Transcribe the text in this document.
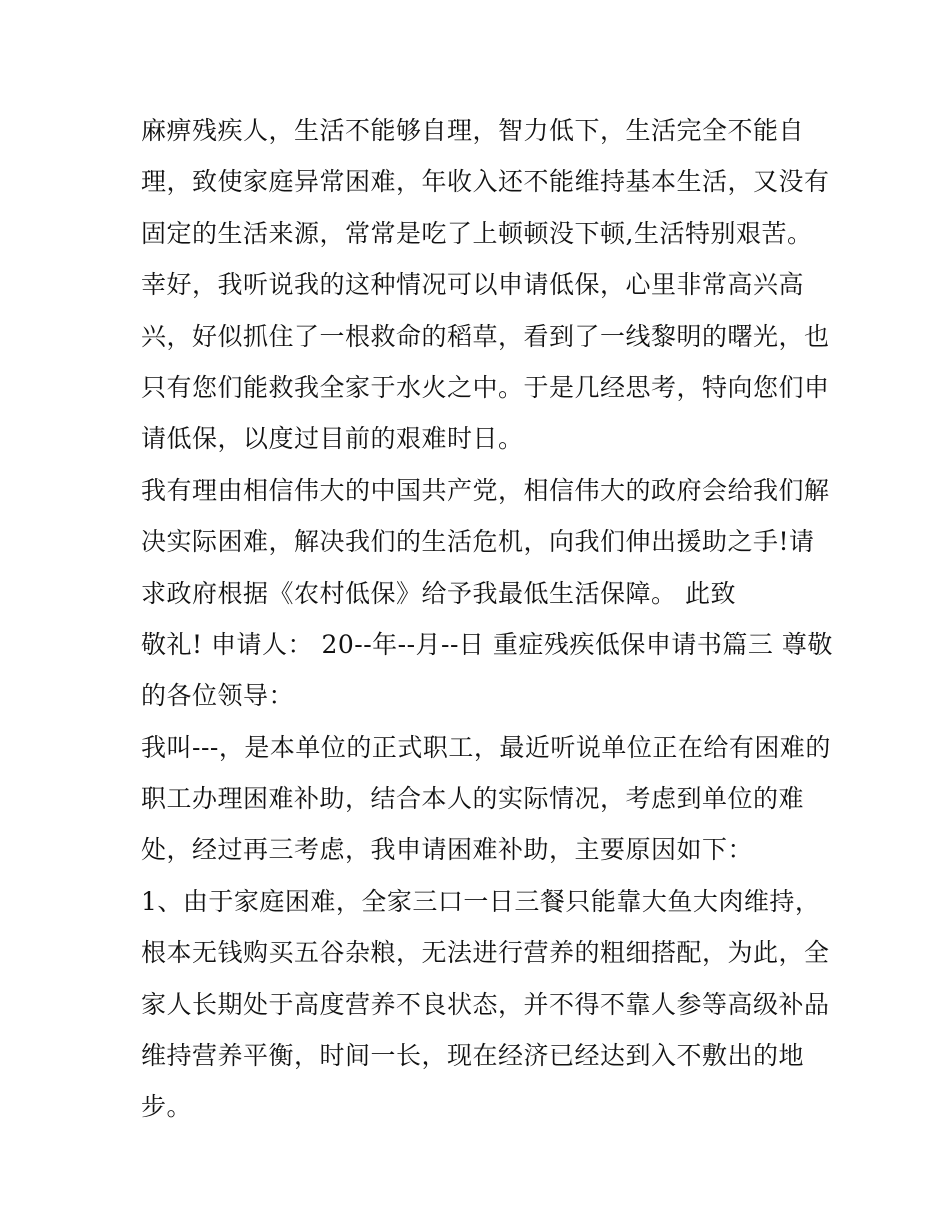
麻痹残疾人，生活不能够自理，智力低下，生活完全不能自
理，致使家庭异常困难，年收入还不能维持基本生活，又没有
固定的生活来源，常常是吃了上顿顿没下顿,生活特别艰苦。
幸好，我听说我的这种情况可以申请低保，心里非常高兴高
兴，好似抓住了一根救命的稻草，看到了一线黎明的曙光，也
只有您们能救我全家于水火之中。于是几经思考，特向您们申
请低保，以度过目前的艰难时日。
我有理由相信伟大的中国共产党，相信伟大的政府会给我们解
决实际困难，解决我们的生活危机，向我们伸出援助之手!请
求政府根据《农村低保》给予我最低生活保障。 此致
敬礼! 申请人： 20--年--月--日 重症残疾低保申请书篇三 尊敬
的各位领导：
我叫---，是本单位的正式职工，最近听说单位正在给有困难的
职工办理困难补助，结合本人的实际情况，考虑到单位的难
处，经过再三考虑，我申请困难补助，主要原因如下：
1、由于家庭困难，全家三口一日三餐只能靠大鱼大肉维持，
根本无钱购买五谷杂粮，无法进行营养的粗细搭配，为此，全
家人长期处于高度营养不良状态，并不得不靠人参等高级补品
维持营养平衡，时间一长，现在经济已经达到入不敷出的地
步。
